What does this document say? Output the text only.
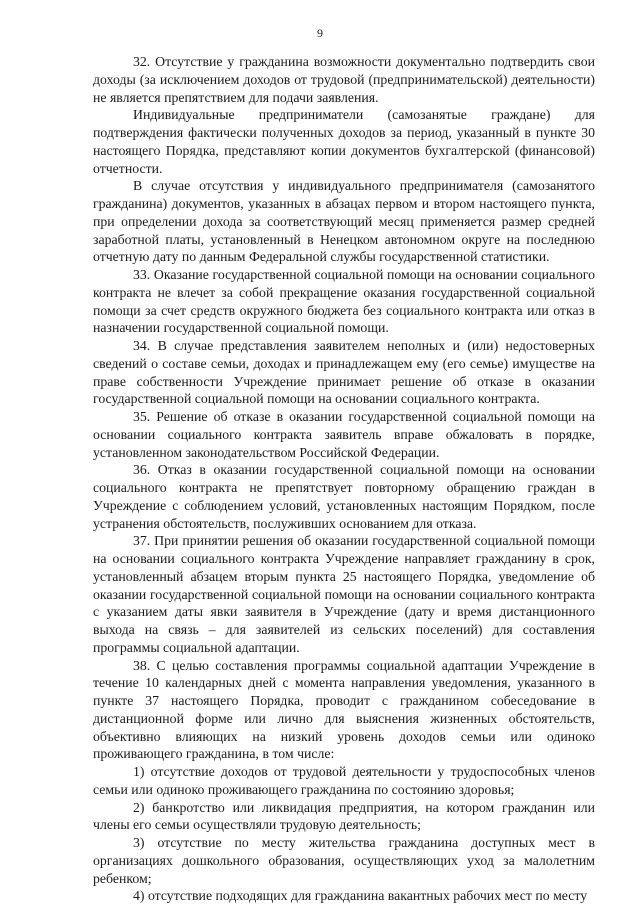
9

32. Отсутствие у гражданина возможности документально подтвердить свои доходы (за исключением доходов от трудовой (предпринимательской) деятельности) не является препятствием для подачи заявления.

Индивидуальные предприниматели (самозанятые граждане) для подтверждения фактически полученных доходов за период, указанный в пункте 30 настоящего Порядка, представляют копии документов бухгалтерской (финансовой) отчетности.

В случае отсутствия у индивидуального предпринимателя (самозанятого гражданина) документов, указанных в абзацах первом и втором настоящего пункта, при определении дохода за соответствующий месяц применяется размер средней заработной платы, установленный в Ненецком автономном округе на последнюю отчетную дату по данным Федеральной службы государственной статистики.

33. Оказание государственной социальной помощи на основании социального контракта не влечет за собой прекращение оказания государственной социальной помощи за счет средств окружного бюджета без социального контракта или отказ в назначении государственной социальной помощи.

34. В случае представления заявителем неполных и (или) недостоверных сведений о составе семьи, доходах и принадлежащем ему (его семье) имуществе на праве собственности Учреждение принимает решение об отказе в оказании государственной социальной помощи на основании социального контракта.

35. Решение об отказе в оказании государственной социальной помощи на основании социального контракта заявитель вправе обжаловать в порядке, установленном законодательством Российской Федерации.

36. Отказ в оказании государственной социальной помощи на основании социального контракта не препятствует повторному обращению граждан в Учреждение с соблюдением условий, установленных настоящим Порядком, после устранения обстоятельств, послуживших основанием для отказа.

37. При принятии решения об оказании государственной социальной помощи на основании социального контракта Учреждение направляет гражданину в срок, установленный абзацем вторым пункта 25 настоящего Порядка, уведомление об оказании государственной социальной помощи на основании социального контракта с указанием даты явки заявителя в Учреждение (дату и время дистанционного выхода на связь – для заявителей из сельских поселений) для составления программы социальной адаптации.

38. С целью составления программы социальной адаптации Учреждение в течение 10 календарных дней с момента направления уведомления, указанного в пункте 37 настоящего Порядка, проводит с гражданином собеседование в дистанционной форме или лично для выяснения жизненных обстоятельств, объективно влияющих на низкий уровень доходов семьи или одиноко проживающего гражданина, в том числе:

1) отсутствие доходов от трудовой деятельности у трудоспособных членов семьи или одиноко проживающего гражданина по состоянию здоровья;

2) банкротство или ликвидация предприятия, на котором гражданин или члены его семьи осуществляли трудовую деятельность;

3) отсутствие по месту жительства гражданина доступных мест в организациях дошкольного образования, осуществляющих уход за малолетним ребенком;

4) отсутствие подходящих для гражданина вакантных рабочих мест по месту
